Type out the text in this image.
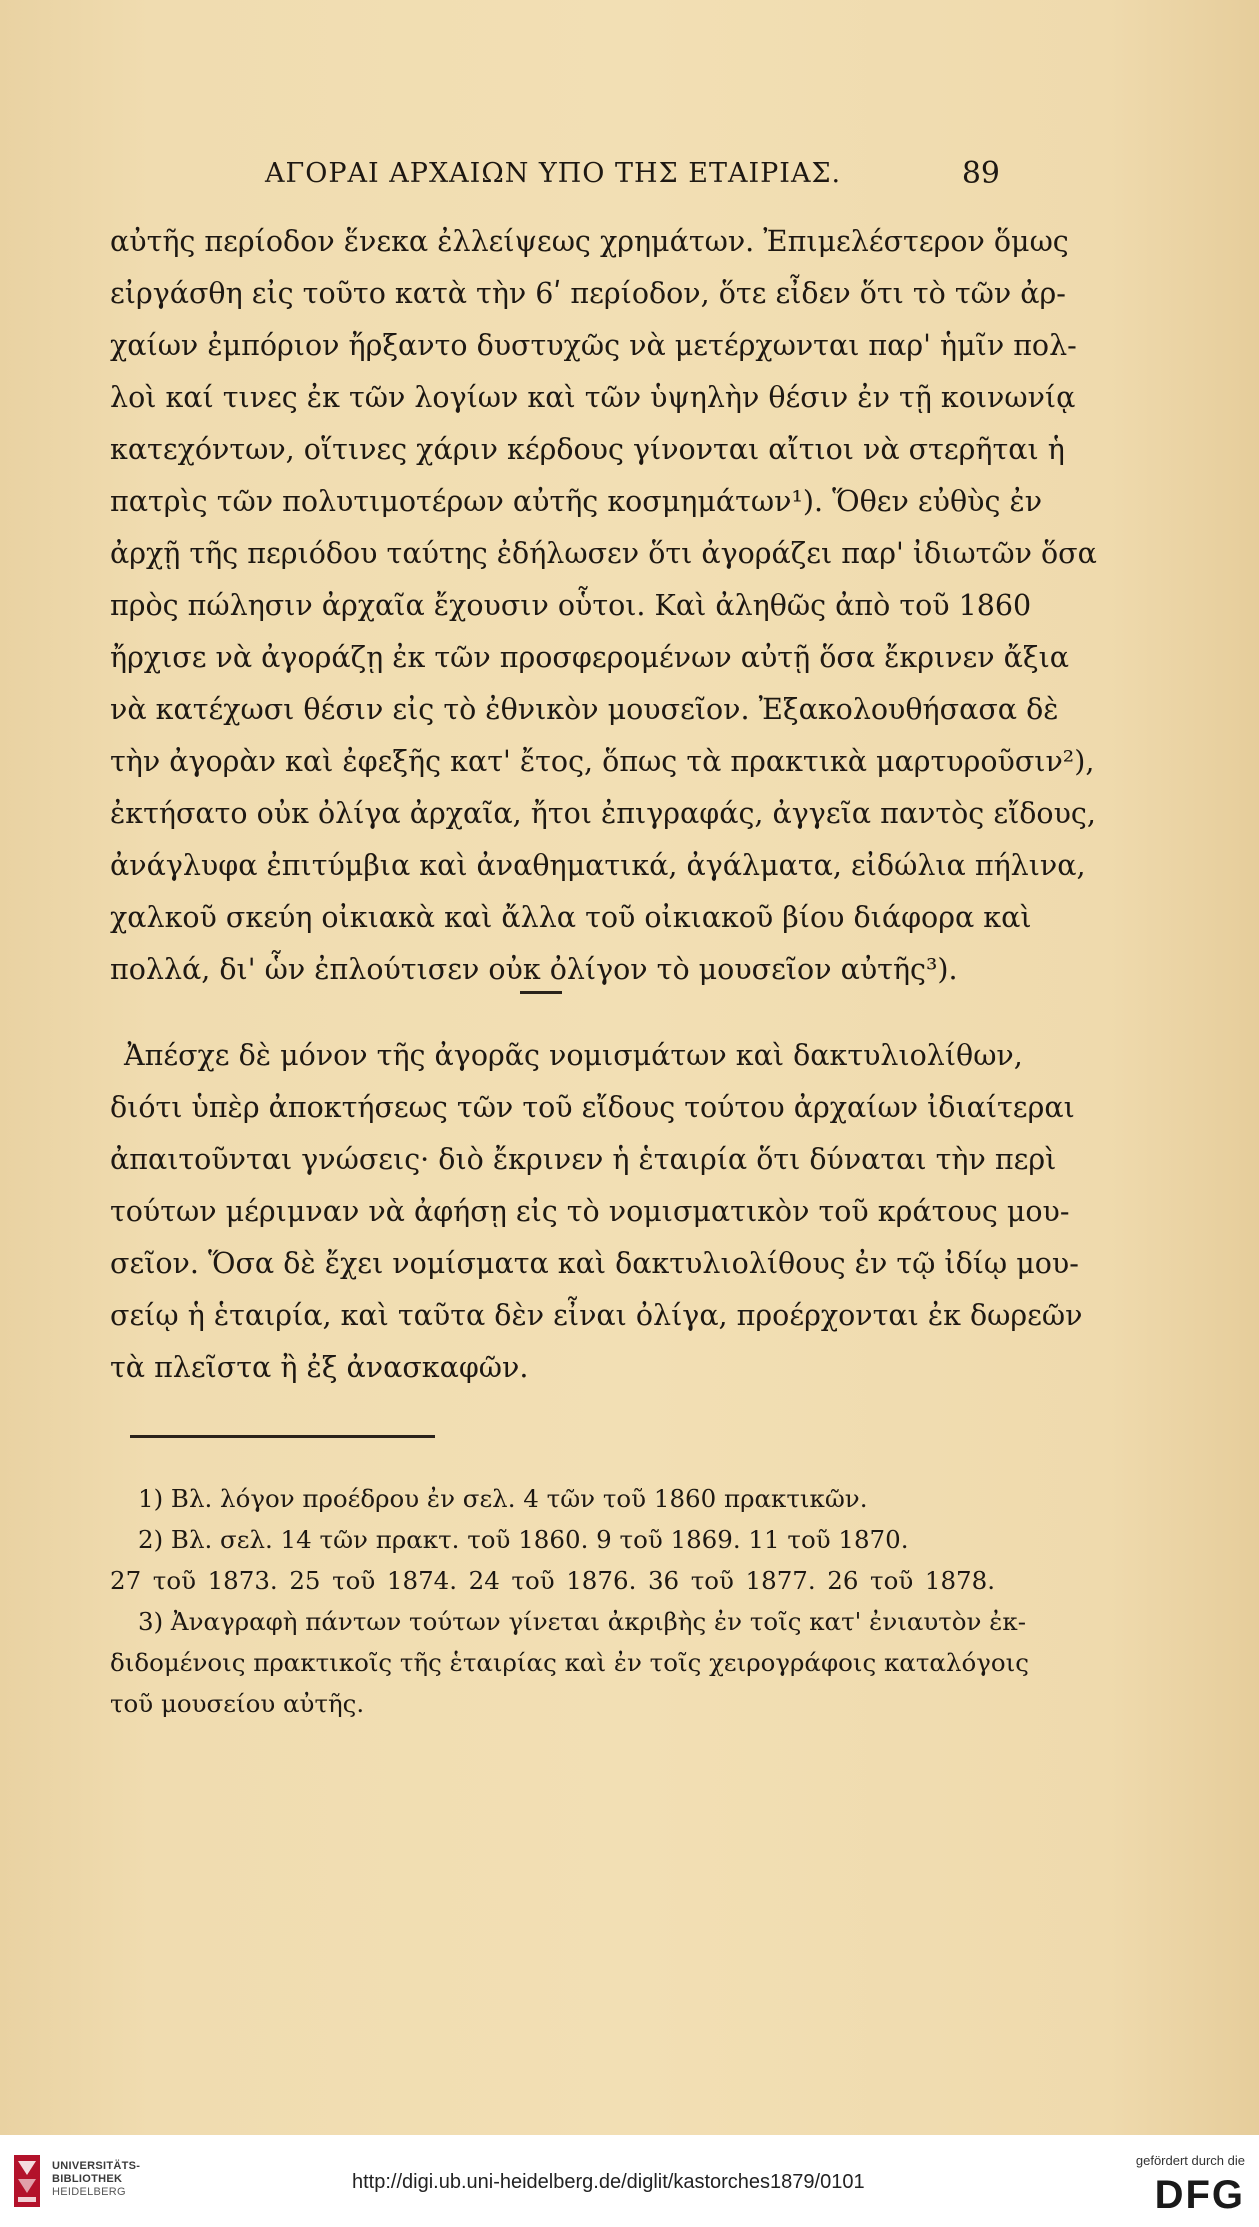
ΑΓΟΡΑΙ ΑΡΧΑΙΩΝ ΥΠΟ ΤΗΣ ΕΤΑΙΡΙΑΣ.	89
αὐτῆς περίοδον ἕνεκα ἐλλείψεως χρημάτων. Ἐπιμελέστερον ὅμως
εἰργάσθη εἰς τοῦτο κατὰ τὴν 6ʹ περίοδον, ὅτε εἶδεν ὅτι τὸ τῶν ἀρ-
χαίων ἐμπόριον ἤρξαντο δυστυχῶς νὰ μετέρχωνται παρ' ἡμῖν πολ-
λοὶ καί τινες ἐκ τῶν λογίων καὶ τῶν ὑψηλὴν θέσιν ἐν τῇ κοινωνίᾳ
κατεχόντων, οἵτινες χάριν κέρδους γίνονται αἴτιοι νὰ στερῆται ἡ
πατρὶς τῶν πολυτιμοτέρων αὐτῆς κοσμημάτων¹). Ὅθεν εὐθὺς ἐν
ἀρχῇ τῆς περιόδου ταύτης ἐδήλωσεν ὅτι ἀγοράζει παρ' ἰδιωτῶν ὅσα
πρὸς πώλησιν ἀρχαῖα ἔχουσιν οὗτοι. Καὶ ἀληθῶς ἀπὸ τοῦ 1860
ἤρχισε νὰ ἀγοράζῃ ἐκ τῶν προσφερομένων αὐτῇ ὅσα ἔκρινεν ἄξια
νὰ κατέχωσι θέσιν εἰς τὸ ἐθνικὸν μουσεῖον. Ἐξακολουθήσασα δὲ
τὴν ἀγορὰν καὶ ἐφεξῆς κατ' ἔτος, ὅπως τὰ πρακτικὰ μαρτυροῦσιν²),
ἐκτήσατο οὐκ ὀλίγα ἀρχαῖα, ἤτοι ἐπιγραφάς, ἀγγεῖα παντὸς εἴδους,
ἀνάγλυφα ἐπιτύμβια καὶ ἀναθηματικά, ἀγάλματα, εἰδώλια πήλινα,
χαλκοῦ σκεύη οἰκιακὰ καὶ ἄλλα τοῦ οἰκιακοῦ βίου διάφορα καὶ
πολλά, δι' ὧν ἐπλούτισεν οὐκ ὀλίγον τὸ μουσεῖον αὐτῆς³).
Ἀπέσχε δὲ μόνον τῆς ἀγορᾶς νομισμάτων καὶ δακτυλιολίθων,
διότι ὑπὲρ ἀποκτήσεως τῶν τοῦ εἴδους τούτου ἀρχαίων ἰδιαίτεραι
ἀπαιτοῦνται γνώσεις· διὸ ἔκρινεν ἡ ἑταιρία ὅτι δύναται τὴν περὶ
τούτων μέριμναν νὰ ἀφήσῃ εἰς τὸ νομισματικὸν τοῦ κράτους μου-
σεῖον. Ὅσα δὲ ἔχει νομίσματα καὶ δακτυλιολίθους ἐν τῷ ἰδίῳ μου-
σείῳ ἡ ἑταιρία, καὶ ταῦτα δὲν εἶναι ὀλίγα, προέρχονται ἐκ δωρεῶν
τὰ πλεῖστα ἢ ἐξ ἀνασκαφῶν.
1) Βλ. λόγον προέδρου ἐν σελ. 4 τῶν τοῦ 1860 πρακτικῶν.
2) Βλ. σελ. 14 τῶν πρακτ. τοῦ 1860. 9 τοῦ 1869. 11 τοῦ 1870.
27 τοῦ 1873. 25 τοῦ 1874. 24 τοῦ 1876. 36 τοῦ 1877. 26 τοῦ 1878.
3) Ἀναγραφὴ πάντων τούτων γίνεται ἀκριβὴς ἐν τοῖς κατ' ἐνιαυτὸν ἐκ-
διδομένοις πρακτικοῖς τῆς ἑταιρίας καὶ ἐν τοῖς χειρογράφοις καταλόγοις
τοῦ μουσείου αὐτῆς.
UNIVERSITÄTS-
BIBLIOTHEK
HEIDELBERG	http://digi.ub.uni-heidelberg.de/diglit/kastorches1879/0101
gefördert durch die
DFG
